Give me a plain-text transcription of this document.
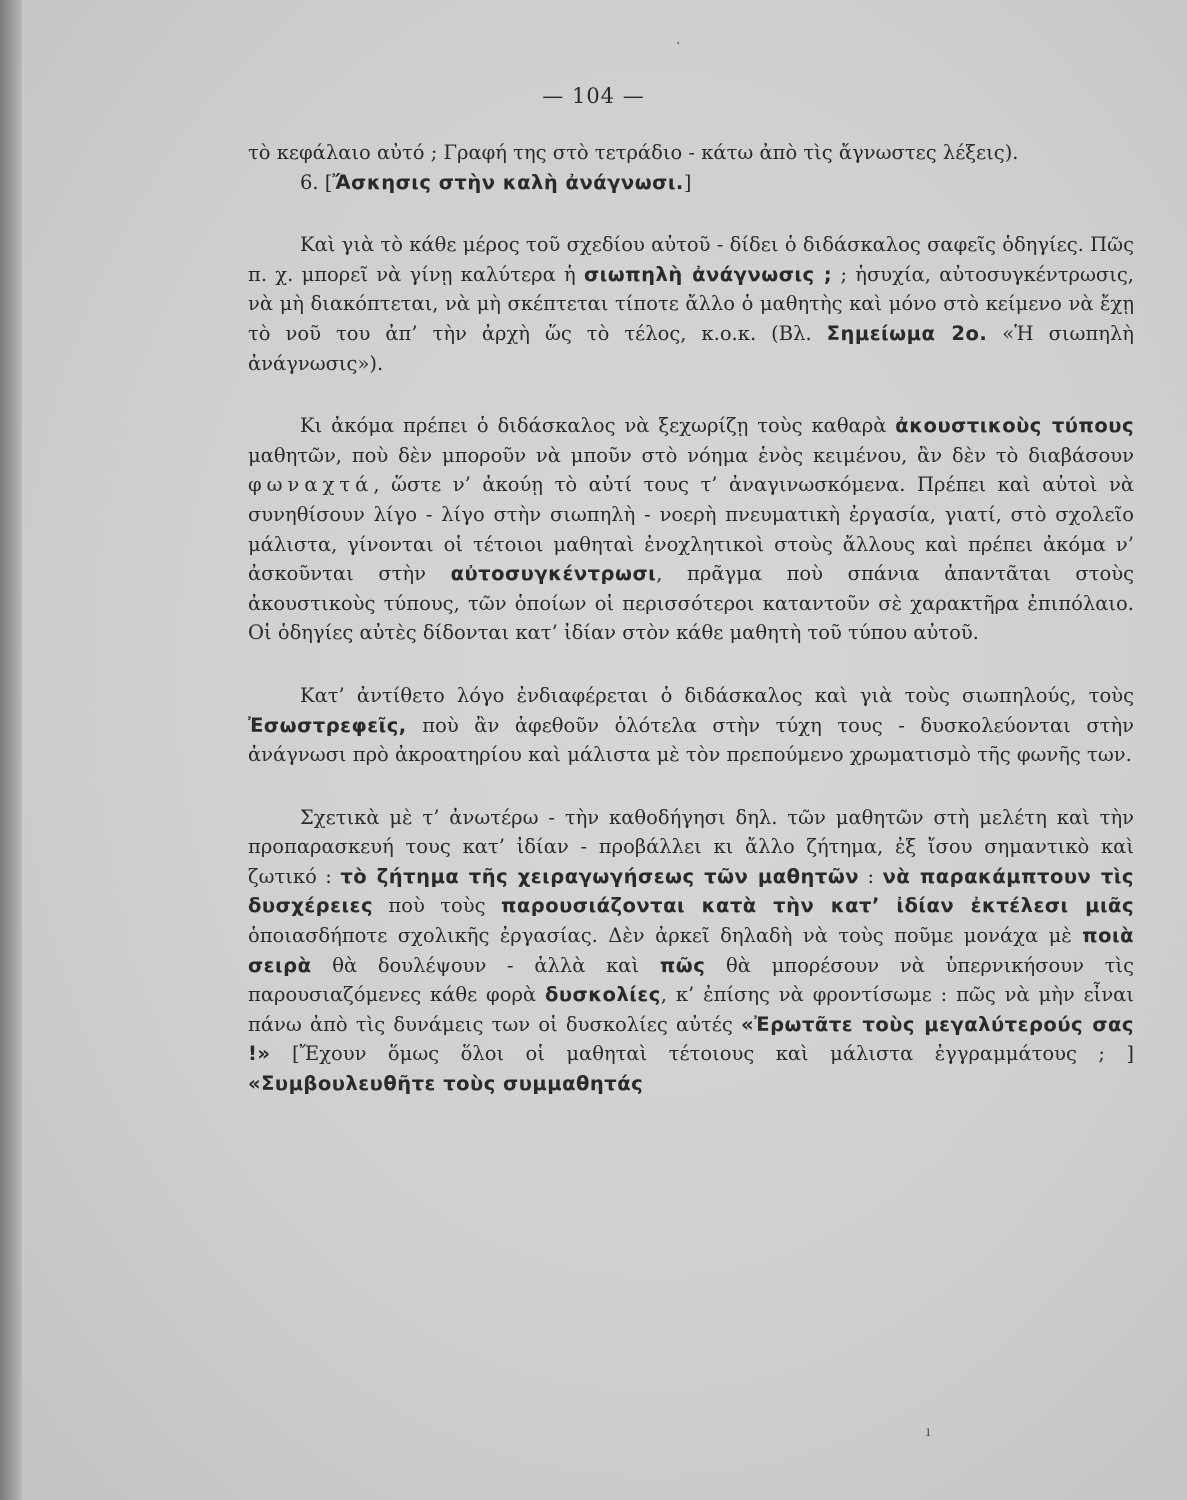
·
ı
— 104 —

τὸ κεφάλαιο αὐτό ; Γραφή της στὸ τετράδιο - κάτω ἀπὸ τὶς ἄγνωστες λέξεις).

6. [Ἄσκησις στὴν καλὴ ἀνάγνωσι.]

Καὶ γιὰ τὸ κάθε μέρος τοῦ σχεδίου αὐτοῦ - δίδει ὁ διδάσκαλος σαφεῖς ὁδηγίες. Πῶς π. χ. μπορεῖ νὰ γίνῃ καλύτερα ἡ σιωπηλὴ ἀνάγνωσις ; ; ἡσυχία, αὐτοσυγκέντρωσις, νὰ μὴ διακόπτεται, νὰ μὴ σκέπτεται τίποτε ἄλλο ὁ μαθητὴς καὶ μόνο στὸ κείμενο νὰ ἔχῃ τὸ νοῦ του ἀπ’ τὴν ἀρχὴ ὥς τὸ τέλος, κ.ο.κ. (Βλ. Σημείωμα 2ο. «Ἡ σιωπηλὴ ἀνάγνωσις»).

Κι ἀκόμα πρέπει ὁ διδάσκαλος νὰ ξεχωρίζῃ τοὺς καθαρὰ ἀκουστικοὺς τύπους μαθητῶν, ποὺ δὲν μποροῦν νὰ μποῦν στὸ νόημα ἑνὸς κειμένου, ἂν δὲν τὸ διαβάσουν φωναχτά, ὥστε ν’ ἀκούῃ τὸ αὐτί τους τ’ ἀναγινωσκόμενα. Πρέπει καὶ αὐτοὶ νὰ συνηθίσουν λίγο - λίγο στὴν σιωπηλὴ - νοερὴ πνευματικὴ ἐργασία, γιατί, στὸ σχολεῖο μάλιστα, γίνονται οἱ τέτοιοι μαθηταὶ ἐνοχλητικοὶ στοὺς ἄλλους καὶ πρέπει ἀκόμα ν’ ἀσκοῦνται στὴν αὐτοσυγκέντρωσι, πρᾶγμα ποὺ σπάνια ἀπαντᾶται στοὺς ἀκουστικοὺς τύπους, τῶν ὁποίων οἱ περισσότεροι καταντοῦν σὲ χαρακτῆρα ἐπιπόλαιο. Οἱ ὁδηγίες αὐτὲς δίδονται κατ’ ἰδίαν στὸν κάθε μαθητὴ τοῦ τύπου αὐτοῦ.

Κατ’ ἀντίθετο λόγο ἐνδιαφέρεται ὁ διδάσκαλος καὶ γιὰ τοὺς σιωπηλούς, τοὺς Ἐσωστρεφεῖς, ποὺ ἂν ἀφεθοῦν ὁλότελα στὴν τύχη τους - δυσκολεύονται στὴν ἀνάγνωσι πρὸ ἀκροατηρίου καὶ μάλιστα μὲ τὸν πρεπούμενο χρωματισμὸ τῆς φωνῆς των.

Σχετικὰ μὲ τ’ ἀνωτέρω - τὴν καθοδήγησι δηλ. τῶν μαθητῶν στὴ μελέτη καὶ τὴν προπαρασκευή τους κατ’ ἰδίαν - προβάλλει κι ἄλλο ζήτημα, ἐξ ἴσου σημαντικὸ καὶ ζωτικό : τὸ ζήτημα τῆς χειραγωγήσεως τῶν μαθητῶν : νὰ παρακάμπτουν τὶς δυσχέρειες ποὺ τοὺς παρουσιάζονται κατὰ τὴν κατ’ ἰδίαν ἐκτέλεσι μιᾶς ὁποιασδήποτε σχολικῆς ἐργασίας. Δὲν ἀρκεῖ δηλαδὴ νὰ τοὺς ποῦμε μονάχα μὲ ποιὰ σειρὰ θὰ δουλέψουν - ἀλλὰ καὶ πῶς θὰ μπορέσουν νὰ ὑπερνικήσουν τὶς παρουσιαζόμενες κάθε φορὰ δυσκολίες, κ’ ἐπίσης νὰ φροντίσωμε : πῶς νὰ μὴν εἶναι πάνω ἀπὸ τὶς δυνάμεις των οἱ δυσκολίες αὐτές «Ἐρωτᾶτε τοὺς μεγαλύτερούς σας !» [Ἔχουν ὅμως ὅλοι οἱ μαθηταὶ τέτοιους καὶ μάλιστα ἐγγραμμάτους ; ] «Συμβουλευθῆτε τοὺς συμμαθητάς
